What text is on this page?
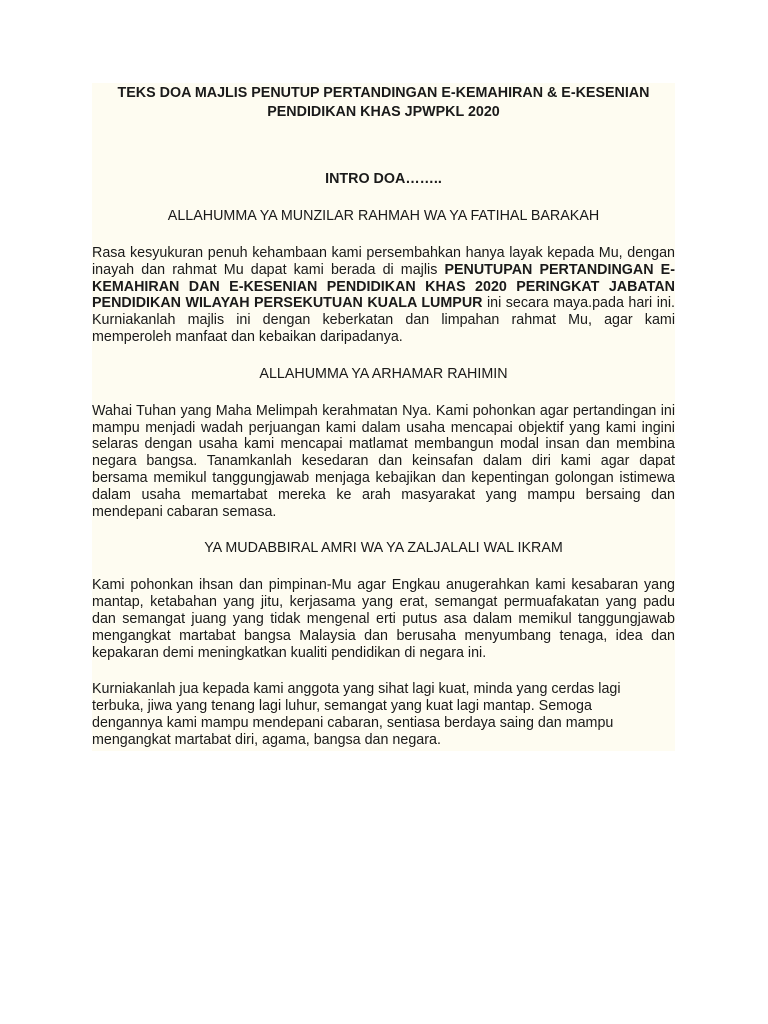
TEKS DOA MAJLIS PENUTUP PERTANDINGAN E-KEMAHIRAN & E-KESENIAN

PENDIDIKAN KHAS JPWPKL 2020

INTRO DOA……..

ALLAHUMMA YA MUNZILAR RAHMAH WA YA FATIHAL BARAKAH

Rasa kesyukuran penuh kehambaan kami persembahkan hanya layak kepada Mu, dengan inayah dan rahmat Mu dapat kami berada di majlis PENUTUPAN PERTANDINGAN E-KEMAHIRAN DAN E-KESENIAN PENDIDIKAN KHAS 2020 PERINGKAT JABATAN PENDIDIKAN WILAYAH PERSEKUTUAN KUALA LUMPUR ini secara maya.pada hari ini. Kurniakanlah majlis ini dengan keberkatan dan limpahan rahmat Mu, agar kami memperoleh manfaat dan kebaikan daripadanya.

ALLAHUMMA YA ARHAMAR RAHIMIN

Wahai Tuhan yang Maha Melimpah kerahmatan Nya. Kami pohonkan agar pertandingan ini mampu menjadi wadah perjuangan kami dalam usaha mencapai objektif yang kami ingini selaras dengan usaha kami mencapai matlamat membangun modal insan dan membina negara bangsa. Tanamkanlah kesedaran dan keinsafan dalam diri kami agar dapat bersama memikul tanggungjawab menjaga kebajikan dan kepentingan golongan istimewa dalam usaha memartabat mereka ke arah masyarakat yang mampu bersaing dan mendepani cabaran semasa.

YA MUDABBIRAL AMRI WA YA ZALJALALI WAL IKRAM

Kami pohonkan ihsan dan pimpinan-Mu agar Engkau anugerahkan kami kesabaran yang mantap, ketabahan yang jitu, kerjasama yang erat, semangat permuafakatan yang padu dan semangat juang yang tidak mengenal erti putus asa dalam memikul tanggungjawab mengangkat martabat bangsa Malaysia dan berusaha menyumbang tenaga, idea dan kepakaran demi meningkatkan kualiti pendidikan di negara ini.

Kurniakanlah jua kepada kami anggota yang sihat lagi kuat, minda yang cerdas lagi
terbuka, jiwa yang tenang lagi luhur, semangat yang kuat lagi mantap. Semoga
dengannya kami mampu mendepani cabaran, sentiasa berdaya saing dan mampu
mengangkat martabat diri, agama, bangsa dan negara.
